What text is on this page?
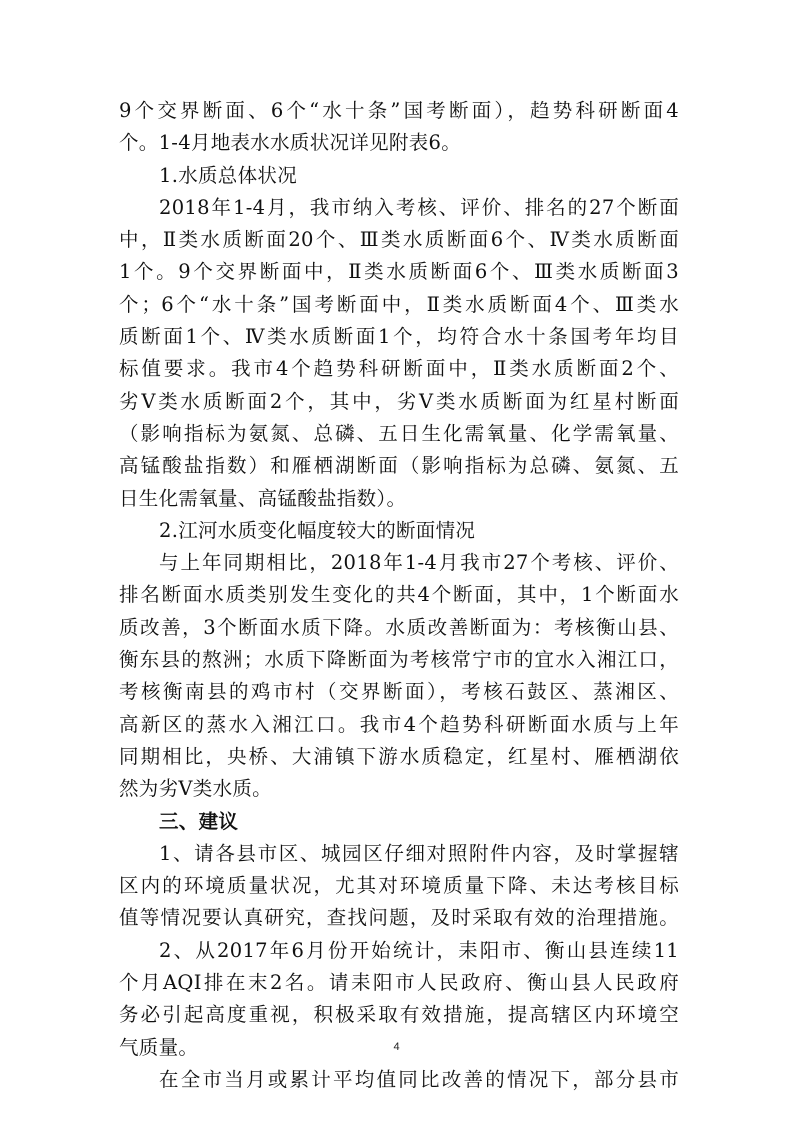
9个交界断面、6个“水十条”国考断面），趋势科研断面4
个。1-4月地表水水质状况详见附表6。
1.水质总体状况
2018年1-4月，我市纳入考核、评价、排名的27个断面
中，Ⅱ类水质断面20个、Ⅲ类水质断面6个、Ⅳ类水质断面
1个。9个交界断面中，Ⅱ类水质断面6个、Ⅲ类水质断面3
个；6个“水十条”国考断面中，Ⅱ类水质断面4个、Ⅲ类水
质断面1个、Ⅳ类水质断面1个，均符合水十条国考年均目
标值要求。我市4个趋势科研断面中，Ⅱ类水质断面2个、
劣Ⅴ类水质断面2个，其中，劣Ⅴ类水质断面为红星村断面
（影响指标为氨氮、总磷、五日生化需氧量、化学需氧量、
高锰酸盐指数）和雁栖湖断面（影响指标为总磷、氨氮、五
日生化需氧量、高锰酸盐指数）。
2.江河水质变化幅度较大的断面情况
与上年同期相比，2018年1-4月我市27个考核、评价、
排名断面水质类别发生变化的共4个断面，其中，1个断面水
质改善，3个断面水质下降。水质改善断面为：考核衡山县、
衡东县的熬洲；水质下降断面为考核常宁市的宜水入湘江口，
考核衡南县的鸡市村（交界断面），考核石鼓区、蒸湘区、
高新区的蒸水入湘江口。我市4个趋势科研断面水质与上年
同期相比，央桥、大浦镇下游水质稳定，红星村、雁栖湖依
然为劣Ⅴ类水质。
三、建议
1、请各县市区、城园区仔细对照附件内容，及时掌握辖
区内的环境质量状况，尤其对环境质量下降、未达考核目标
值等情况要认真研究，查找问题，及时采取有效的治理措施。
2、从2017年6月份开始统计，耒阳市、衡山县连续11
个月AQI排在末2名。请耒阳市人民政府、衡山县人民政府
务必引起高度重视，积极采取有效措施，提高辖区内环境空
气质量。
在全市当月或累计平均值同比改善的情况下，部分县市
4
